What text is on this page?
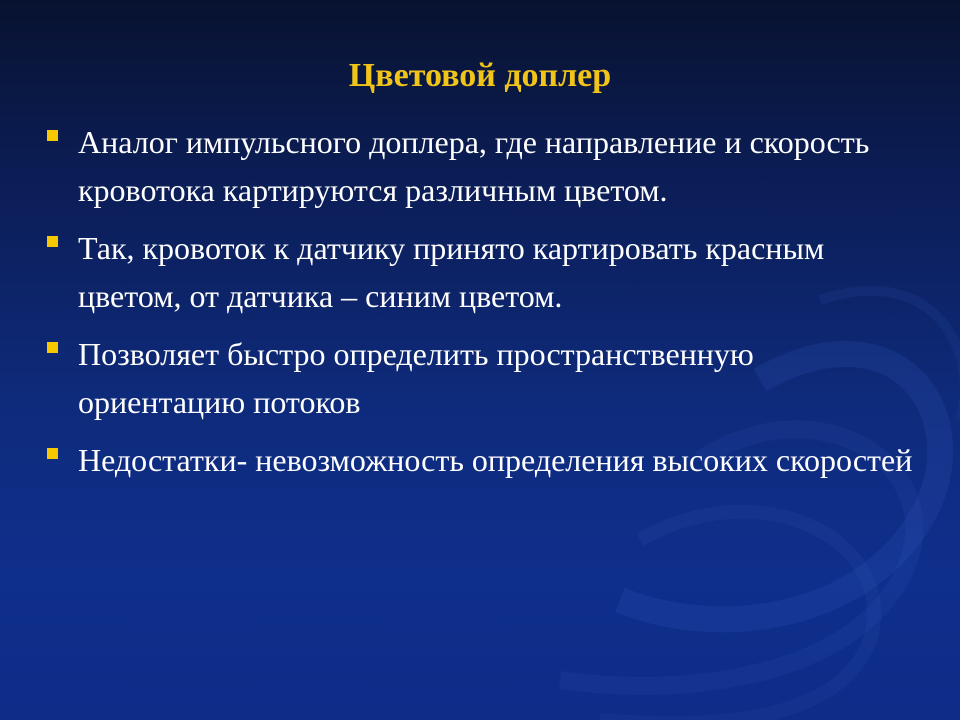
Цветовой доплер
Аналог импульсного доплера, где направление и скорость кровотока картируются различным цветом.
Так, кровоток к датчику принято картировать красным цветом, от датчика – синим цветом.
Позволяет быстро определить пространственную ориентацию потоков
Недостатки- невозможность определения высоких скоростей
